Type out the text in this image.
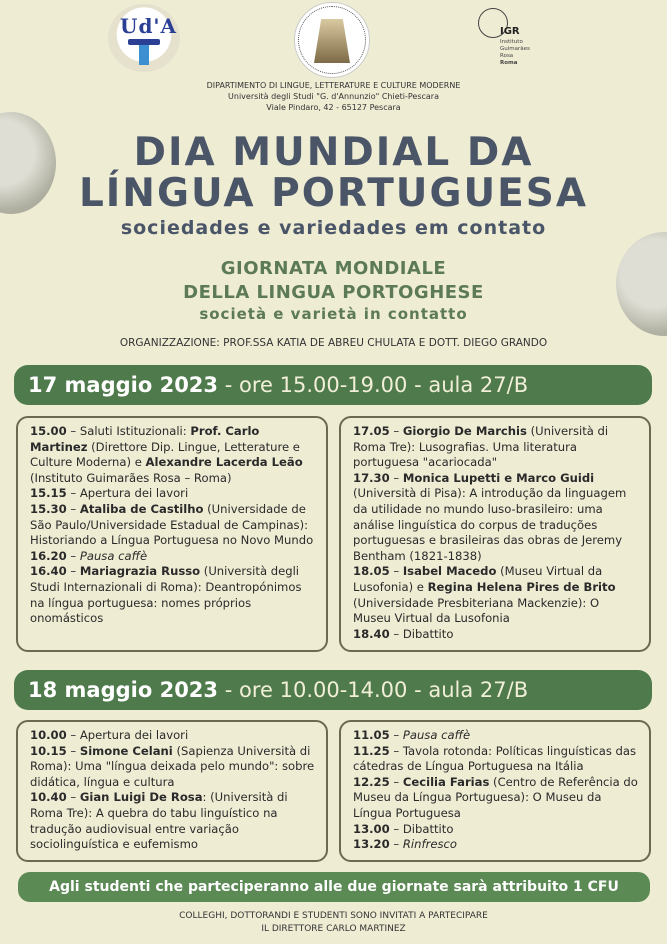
Ud'A	IGR
Instituto
Guimarães
Rosa
Roma
DIPARTIMENTO DI LINGUE, LETTERATURE E CULTURE MODERNE
Università degli Studi "G. d'Annunzio" Chieti-Pescara
Viale Pindaro, 42 - 65127 Pescara
DIA MUNDIAL DA
LÍNGUA PORTUGUESA
sociedades e variedades em contato
GIORNATA MONDIALE
DELLA LINGUA PORTOGHESE
società e varietà in contatto
ORGANIZZAZIONE: PROF.SSA KATIA DE ABREU CHULATA E DOTT. DIEGO GRANDO
17 maggio 2023 - ore 15.00-19.00 - aula 27/B

15.00 – Saluti Istituzionali: Prof. Carlo Martinez (Direttore Dip. Lingue, Letterature e Culture Moderna) e Alexandre Lacerda Leão (Instituto Guimarães Rosa – Roma)

15.15 – Apertura dei lavori

15.30 – Ataliba de Castilho (Universidade de São Paulo/Universidade Estadual de Campinas): Historiando a Língua Portuguesa no Novo Mundo

16.20 – Pausa caffè

16.40 – Mariagrazia Russo (Università degli Studi Internazionali di Roma): Deantropónimos na língua portuguesa: nomes próprios onomásticos

17.05 – Giorgio De Marchis (Università di Roma Tre): Lusografias. Uma literatura portuguesa "acariocada"

17.30 – Monica Lupetti e Marco Guidi (Università di Pisa): A introdução da linguagem da utilidade no mundo luso-brasileiro: uma análise linguística do corpus de traduções portuguesas e brasileiras das obras de Jeremy Bentham (1821-1838)

18.05 – Isabel Macedo (Museu Virtual da Lusofonia) e Regina Helena Pires de Brito (Universidade Presbiteriana Mackenzie): O Museu Virtual da Lusofonia

18.40 – Dibattito

18 maggio 2023 - ore 10.00-14.00 - aula 27/B

10.00 – Apertura dei lavori

10.15 – Simone Celani (Sapienza Università di Roma): Uma "língua deixada pelo mundo": sobre didática, língua e cultura

10.40 – Gian Luigi De Rosa: (Università di Roma Tre): A quebra do tabu linguístico na tradução audiovisual entre variação sociolinguística e eufemismo

11.05 – Pausa caffè

11.25 – Tavola rotonda: Políticas linguísticas das cátedras de Língua Portuguesa na Itália

12.25 – Cecilia Farias (Centro de Referência do Museu da Língua Portuguesa): O Museu da Língua Portuguesa

13.00 – Dibattito

13.20 – Rinfresco

Agli studenti che parteciperanno alle due giornate sarà attribuito 1 CFU
COLLEGHI, DOTTORANDI E STUDENTI SONO INVITATI A PARTECIPARE
IL DIRETTORE CARLO MARTINEZ
